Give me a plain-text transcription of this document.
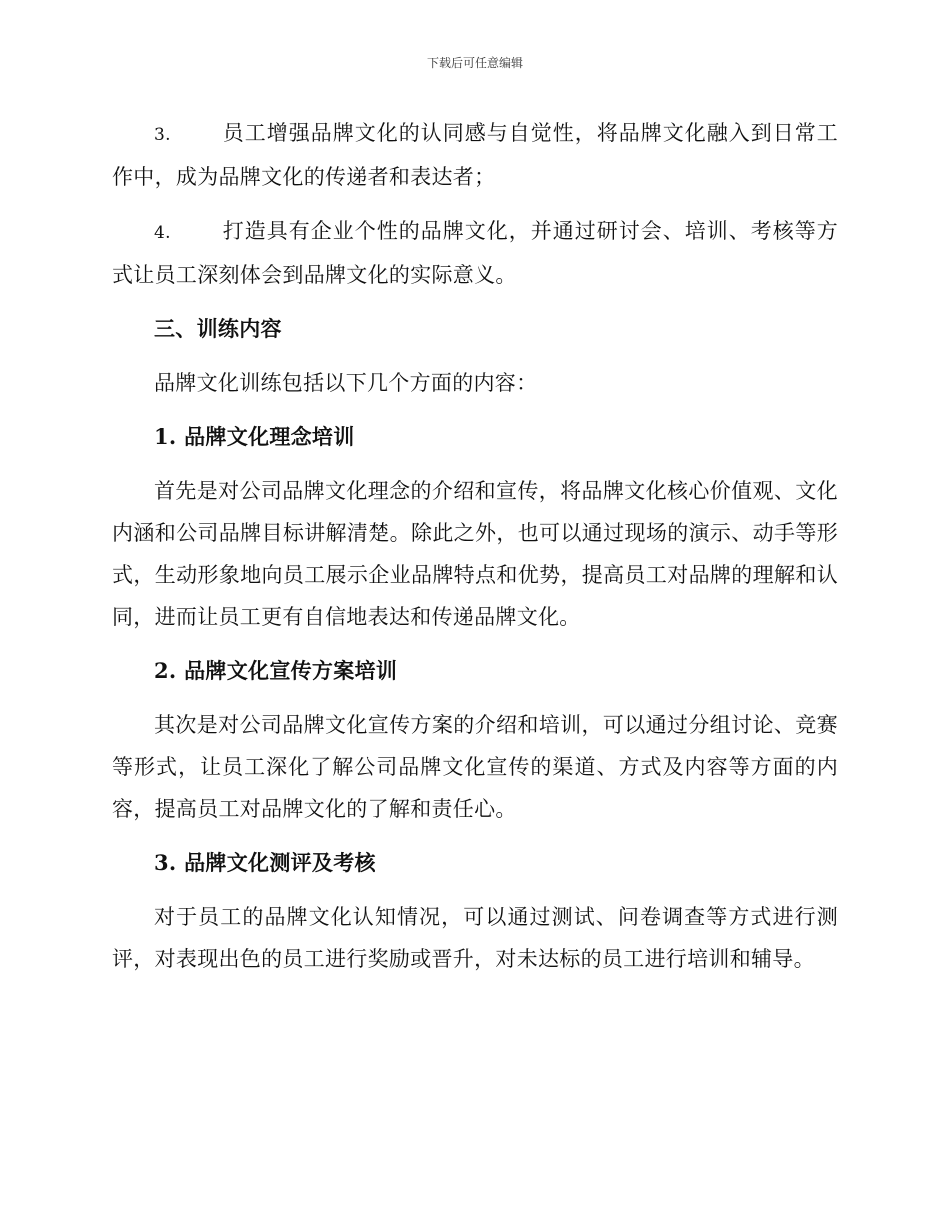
下载后可任意编辑

3. 员工增强品牌文化的认同感与自觉性，将品牌文化融入到日常工作中，成为品牌文化的传递者和表达者；

4. 打造具有企业个性的品牌文化，并通过研讨会、培训、考核等方式让员工深刻体会到品牌文化的实际意义。

三、训练内容

品牌文化训练包括以下几个方面的内容：

1. 品牌文化理念培训

首先是对公司品牌文化理念的介绍和宣传，将品牌文化核心价值观、文化内涵和公司品牌目标讲解清楚。除此之外，也可以通过现场的演示、动手等形式，生动形象地向员工展示企业品牌特点和优势，提高员工对品牌的理解和认同，进而让员工更有自信地表达和传递品牌文化。

2. 品牌文化宣传方案培训

其次是对公司品牌文化宣传方案的介绍和培训，可以通过分组讨论、竞赛等形式，让员工深化了解公司品牌文化宣传的渠道、方式及内容等方面的内容，提高员工对品牌文化的了解和责任心。

3. 品牌文化测评及考核

对于员工的品牌文化认知情况，可以通过测试、问卷调查等方式进行测评，对表现出色的员工进行奖励或晋升，对未达标的员工进行培训和辅导。
